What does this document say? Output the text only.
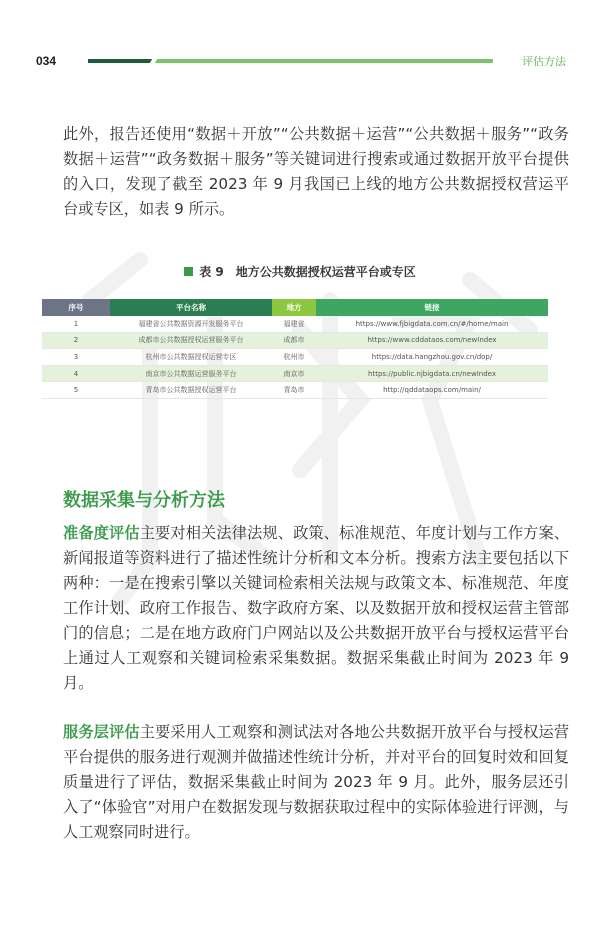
034	评估方法

此外，报告还使用“数据＋开放”“公共数据＋运营”“公共数据＋服务”“政务数据＋运营”“政务数据＋服务”等关键词进行搜索或通过数据开放平台提供的入口，发现了截至 2023 年 9 月我国已上线的地方公共数据授权营运平台或专区，如表 9 所示。

表 9　地方公共数据授权运营平台或专区
序号	平台名称	地方	链接
1	福建省公共数据资源开发服务平台	福建省	https://www.fjbigdata.com.cn/#/home/main
2	成都市公共数据授权运营服务平台	成都市	https://www.cddataos.com/newIndex
3	杭州市公共数据授权运营专区	杭州市	https://data.hangzhou.gov.cn/dop/
4	南京市公共数据运营服务平台	南京市	https://public.njbigdata.cn/newIndex
5	青岛市公共数据授权运营平台	青岛市	http://qddataops.com/main/
数据采集与分析方法

准备度评估主要对相关法律法规、政策、标准规范、年度计划与工作方案、新闻报道等资料进行了描述性统计分析和文本分析。搜索方法主要包括以下两种：一是在搜索引擎以关键词检索相关法规与政策文本、标准规范、年度工作计划、政府工作报告、数字政府方案、以及数据开放和授权运营主管部门的信息；二是在地方政府门户网站以及公共数据开放平台与授权运营平台上通过人工观察和关键词检索采集数据。数据采集截止时间为 2023 年 9 月。

服务层评估主要采用人工观察和测试法对各地公共数据开放平台与授权运营平台提供的服务进行观测并做描述性统计分析，并对平台的回复时效和回复质量进行了评估，数据采集截止时间为 2023 年 9 月。此外，服务层还引入了“体验官”对用户在数据发现与数据获取过程中的实际体验进行评测，与人工观察同时进行。
